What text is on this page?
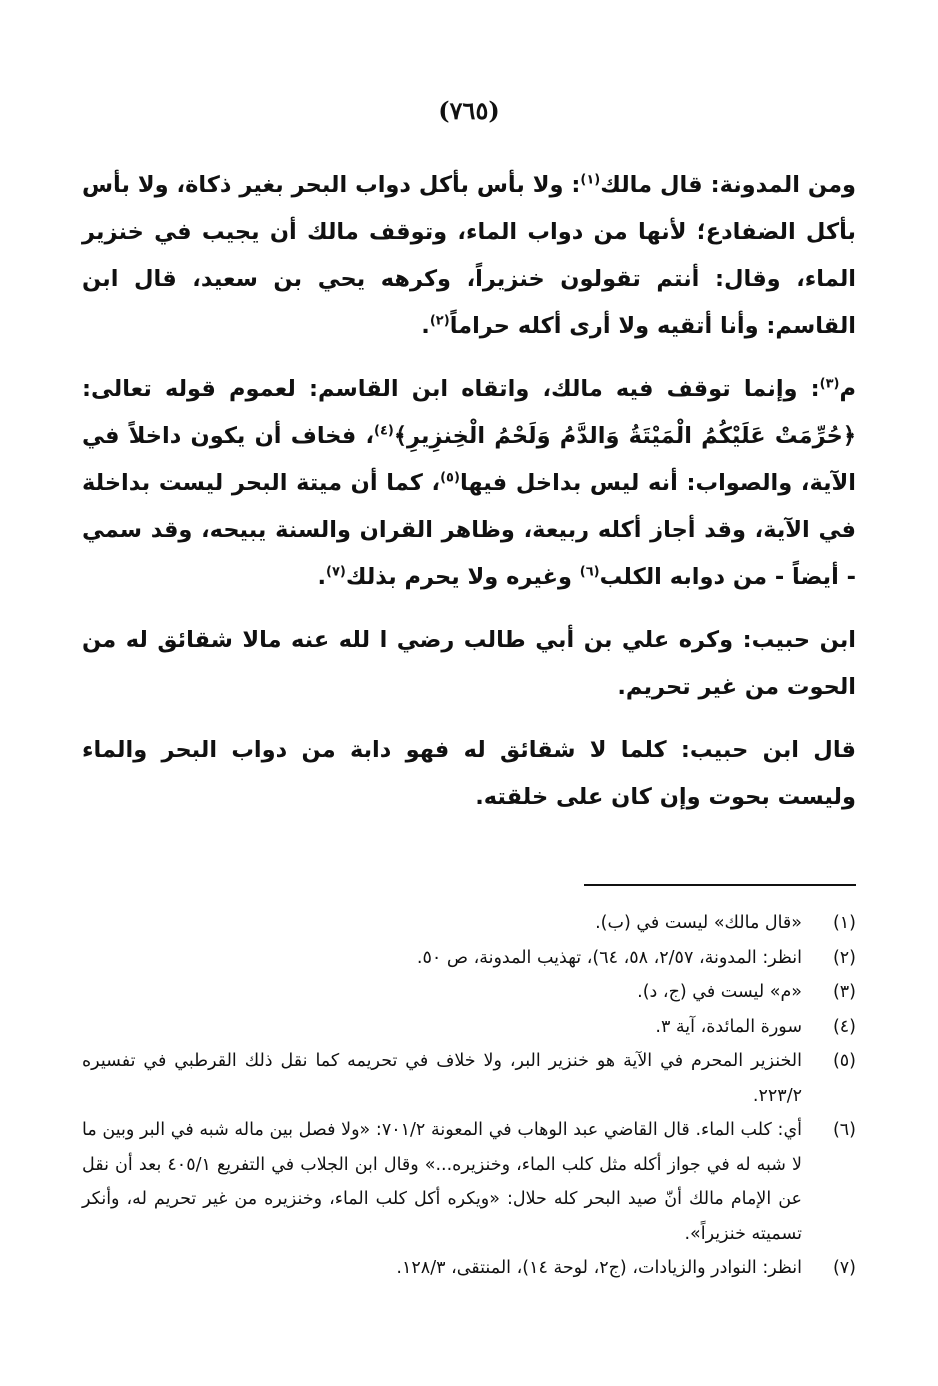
(٧٦٥)

ومن المدونة: قال مالك$^{(١)}$: ولا بأس بأكل دواب البحر بغير ذكاة، ولا بأس بأكل الضفادع؛ لأنها من دواب الماء، وتوقف مالك أن يجيب في خنزير الماء، وقال: أنتم تقولون خنزيراً، وكرهه يحي بن سعيد، قال ابن القاسم: وأنا أتقيه ولا أرى أكله حراماً$^{(٢)}$.

م$^{(٣)}$: وإنما توقف فيه مالك، واتقاه ابن القاسم: لعموم قوله تعالى: ﴿حُرِّمَتْ عَلَيْكُمُ الْمَيْتَةُ وَالدَّمُ وَلَحْمُ الْخِنزِيرِ﴾$^{(٤)}$، فخاف أن يكون داخلاً في الآية، والصواب: أنه ليس بداخل فيها$^{(٥)}$، كما أن ميتة البحر ليست بداخلة في الآية، وقد أجاز أكله ربيعة، وظاهر القران والسنة يبيحه، وقد سمي - أيضاً - من دوابه الكلب$^{(٦)}$ وغيره ولا يحرم بذلك$^{(٧)}$.

ابن حبيب: وكره علي بن أبي طالب رضي ا لله عنه مالا شقائق له من الحوت من غير تحريم.

قال ابن حبيب: كلما لا شقائق له فهو دابة من دواب البحر والماء وليست بحوت وإن كان على خلقته.

(١)
«قال مالك» ليست في (ب).
(٢)
انظر: المدونة، ٢/٥٧، ٥٨، ٦٤)، تهذيب المدونة، ص ٥٠.
(٣)
«م» ليست في (ج، د).
(٤)
سورة المائدة، آية ٣.
(٥)
الخنزير المحرم في الآية هو خنزير البر، ولا خلاف في تحريمه كما نقل ذلك القرطبي في تفسيره ٢٢٣/٢.
(٦)
أي: كلب الماء. قال القاضي عبد الوهاب في المعونة ٧٠١/٢: «ولا فصل بين ماله شبه في البر وبين ما لا شبه له في جواز أكله مثل كلب الماء، وخنزيره...» وقال ابن الجلاب في التفريع ٤٠٥/١ بعد أن نقل عن الإمام مالك أنّ صيد البحر كله حلال: «ويكره أكل كلب الماء، وخنزيره من غير تحريم له، وأنكر تسميته خنزيراً».
(٧)
انظر: النوادر والزيادات، (ج٢، لوحة ١٤)، المنتقى، ١٢٨/٣.
